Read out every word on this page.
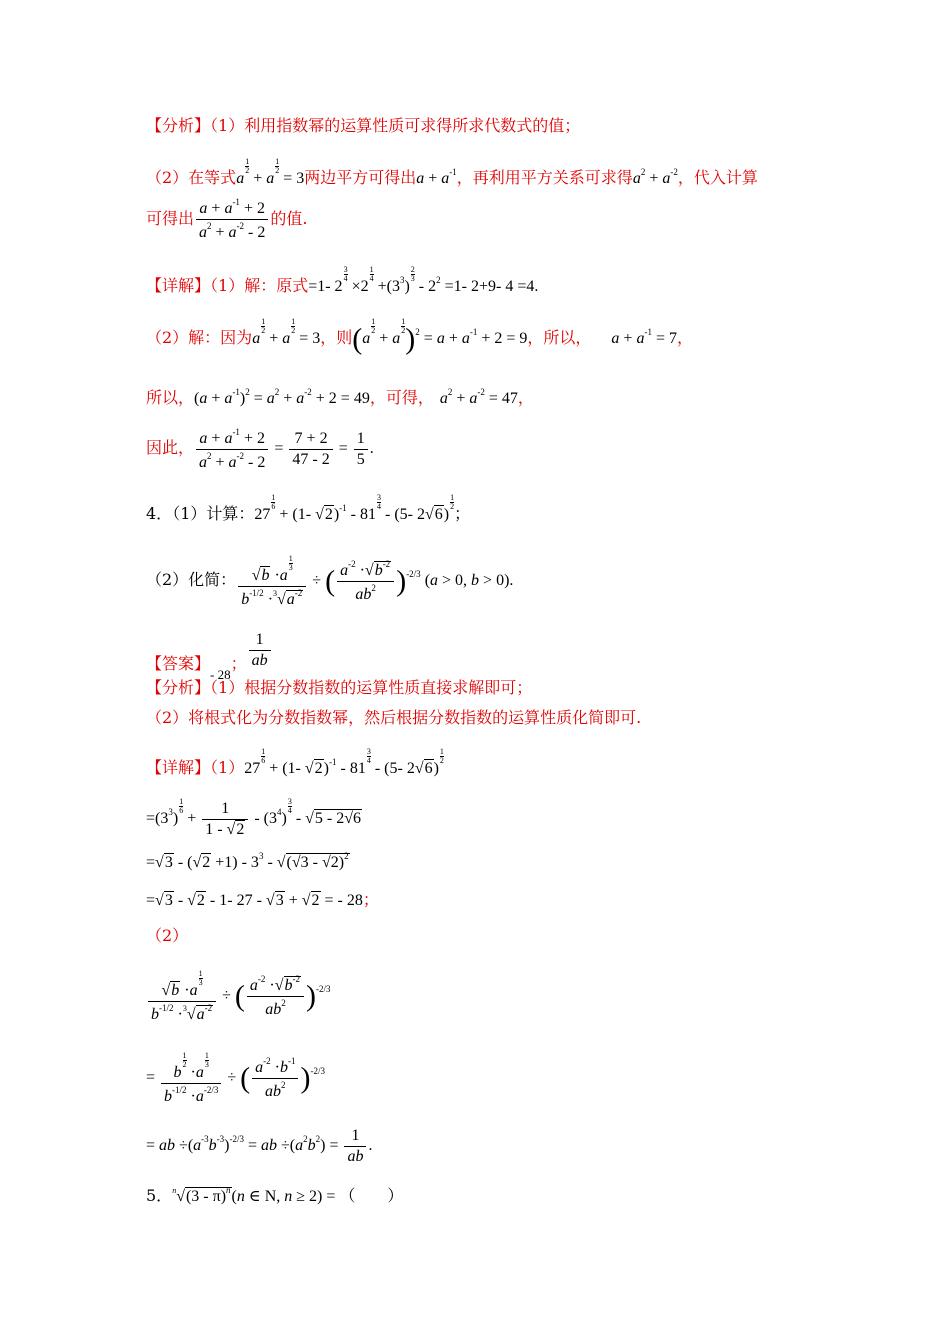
【分析】（1）利用指数幂的运算性质可求得所求代数式的值；
（2）在等式a
$\frac{1}{2}$
+ a
$\frac{1}{2}$
= 3两边平方可得出$a + a^{-1}$，再利用平方关系可求得$a^2 + a^{-2}$，代入计算
可得出 $\frac{a + a^{-1} + 2}{a^2 + a^{-2} - 2}$ 的值.
【详解】（1）解：原式=1- 2
$\frac{3}{4}$
×2
$\frac{1}{4}$
$+(3^3)$
$\frac{2}{3}$
- $2^2 =1-$ 2+9- 4 =4.
（2）解：因为a
$\frac{1}{2}$
+ a
$\frac{1}{2}$
= 3，则(a
$\frac{1}{2}$
+ a
$\frac{1}{2} )^2 = a + a^{-1} + 2 = 9$，所以， $a + a^{-1} = 7$，
所以，$(a + a^{-1})^2 = a^2 + a^{-2} + 2 = 49$，可得， $a^2 + a^{-2} = 47$，
因此， $\frac{a + a^{-1} + 2}{a^2 + a^{-2} - 2} = \frac{7 + 2}{47 - 2} = \frac{1}{5}$ .
4．（1）计算：27
$\frac{1}{6}$
+ (1- √2)$^{-1}$ - 81
$\frac{3}{4}$
- (5- 2√6)
$\frac{1}{2}$
；
（2）化简： √b ·a
$\frac{1}{3}$
$b^{-1/2} \cdot^3√a^{-2}$ ÷ ( $\frac{a^{-2} \cdot√b^{-2}}{ab^2} )^{-2/3}$ (a > 0, b > 0).
【答案】$_{- 28}$； $\frac{1}{ab}$
【分析】（1）根据分数指数的运算性质直接求解即可；
（2）将根式化为分数指数幂，然后根据分数指数的运算性质化简即可.
【详解】（1）27
$\frac{1}{6}$
+ (1- √2)$^{-1}$ - 81
$\frac{3}{4}$
- (5- 2√6)
$\frac{1}{2}$
$=(3^3)$
$\frac{1}{6}$
+ $\frac{1}{1 - √2} - (3^4)$
$\frac{3}{4}$
- √5 - 2√6
$=√3 - (√2 +1) - 3^3 - √(√3 - √2)^2$
=√3 - √2 - 1- 27 - √3 + √2 = - 28；
（2）
√b ·a
$\frac{1}{3}$
$b^{-1/2} \cdot^3√a^{-2}$ ÷ ( $\frac{a^{-2} \cdot√b^{-2}}{ab^2} )^{-2/3}$
= b
$\frac{1}{2}$
·a
$\frac{1}{3}$
$b^{-1/2} \cdot a^{-2/3}$ ÷ ( $\frac{a^{-2} \cdot b^{-1}}{ab^2} )^{-2/3}$
= ab $\div(a^{-3}b^{-3})^{-2/3}$ = ab $\div(a^2b^2) = \frac{1}{ab}$ .
5．$^n$√(3 - π)$^n$(n ∈ N, n ≥ 2) = （　　）
